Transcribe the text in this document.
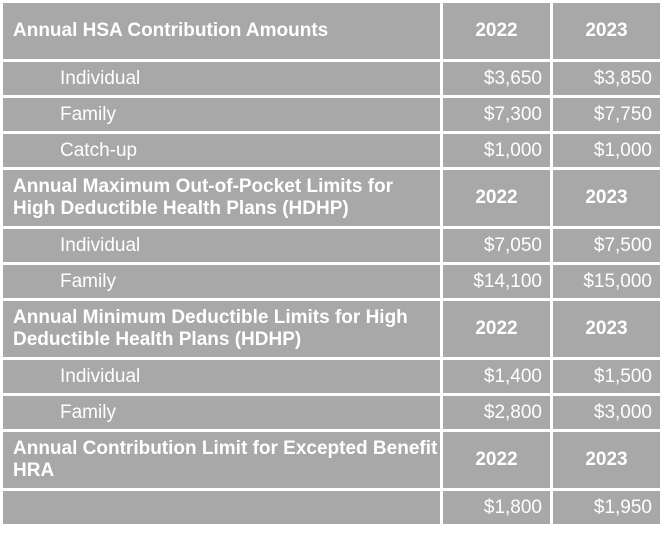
Annual HSA Contribution Amounts	2022	2023
Individual	$3,650	$3,850
Family	$7,300	$7,750
Catch-up	$1,000	$1,000
Annual Maximum Out-of-Pocket Limits for High Deductible Health Plans (HDHP)	2022	2023
Individual	$7,050	$7,500
Family	$14,100	$15,000
Annual Minimum Deductible Limits for High Deductible Health Plans (HDHP)	2022	2023
Individual	$1,400	$1,500
Family	$2,800	$3,000
Annual Contribution Limit for Excepted Benefit HRA	2022	2023
	$1,800	$1,950
